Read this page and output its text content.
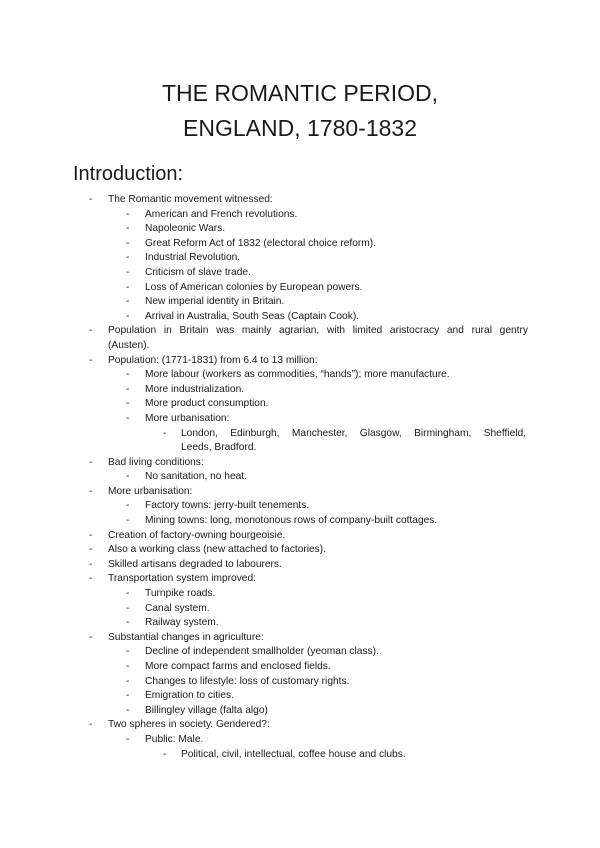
THE ROMANTIC PERIOD,
ENGLAND, 1780-1832
Introduction:
- The Romantic movement witnessed:
- American and French revolutions.
- Napoleonic Wars.
- Great Reform Act of 1832 (electoral choice reform).
- Industrial Revolution.
- Criticism of slave trade.
- Loss of American colonies by European powers.
- New imperial identity in Britain.
- Arrival in Australia, South Seas (Captain Cook).
- Population in Britain was mainly agrarian, with limited aristocracy and rural gentry
(Austen).
- Population: (1771-1831) from 6.4 to 13 million:
- More labour (workers as commodities, “hands”); more manufacture.
- More industrialization.
- More product consumption.
- More urbanisation:
- London, Edinburgh, Manchester, Glasgow, Birmingham, Sheffield,
Leeds, Bradford.
- Bad living conditions:
- No sanitation, no heat.
- More urbanisation:
- Factory towns: jerry-built tenements.
- Mining towns: long, monotonous rows of company-built cottages.
- Creation of factory-owning bourgeoisie.
- Also a working class (new attached to factories).
- Skilled artisans degraded to labourers.
- Transportation system improved:
- Turnpike roads.
- Canal system.
- Railway system.
- Substantial changes in agriculture:
- Decline of independent smallholder (yeoman class).
- More compact farms and enclosed fields.
- Changes to lifestyle: loss of customary rights.
- Emigration to cities.
- Billingley village (falta algo)
- Two spheres in society. Gendered?:
- Public: Male.
- Political, civil, intellectual, coffee house and clubs.
